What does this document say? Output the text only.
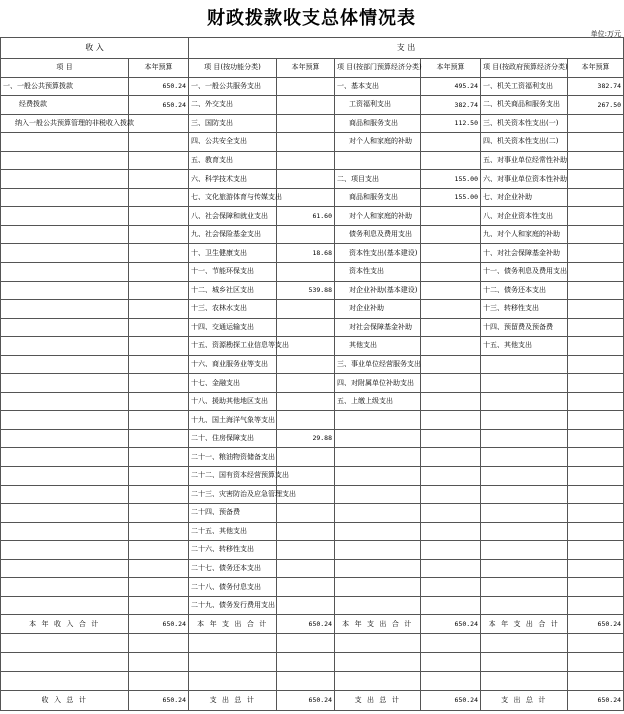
财政拨款收支总体情况表
单位:万元
收 入		支 出					
项 目	本年预算	项 目(按功能分类)	本年预算	项 目(按部门预算经济分类)	本年预算	项 目(按政府预算经济分类)	本年预算
一、一般公共预算拨款	650.24	一、一般公共服务支出		一、基本支出	495.24	一、机关工资福利支出	382.74
经费拨款	650.24	二、外交支出		工资福利支出	382.74	二、机关商品和服务支出	267.50
纳入一般公共预算管理的非税收入拨款		三、国防支出		商品和服务支出	112.50	三、机关资本性支出(一)	
		四、公共安全支出		对个人和家庭的补助		四、机关资本性支出(二)	
		五、教育支出				五、对事业单位经常性补助	
		六、科学技术支出		二、项目支出	155.00	六、对事业单位资本性补助	
		七、文化旅游体育与传媒支出		商品和服务支出	155.00	七、对企业补助	
		八、社会保障和就业支出	61.60	对个人和家庭的补助		八、对企业资本性支出	
		九、社会保险基金支出		债务利息及费用支出		九、对个人和家庭的补助	
		十、卫生健康支出	18.68	资本性支出(基本建设)		十、对社会保障基金补助	
		十一、节能环保支出		资本性支出		十一、债务利息及费用支出	
		十二、城乡社区支出	539.88	对企业补助(基本建设)		十二、债务还本支出	
		十三、农林水支出		对企业补助		十三、转移性支出	
		十四、交通运输支出		对社会保障基金补助		十四、预留费及预备费	
		十五、资源勘探工业信息等支出		其他支出		十五、其他支出	
		十六、商业服务业等支出		三、事业单位经营服务支出			
		十七、金融支出		四、对附属单位补助支出			
		十八、援助其他地区支出		五、上缴上级支出			
		十九、国土海洋气象等支出					
		二十、住房保障支出	29.88				
		二十一、粮油物资储备支出					
		二十二、国有资本经营预算支出					
		二十三、灾害防治及应急管理支出					
		二十四、预备费					
		二十五、其他支出					
		二十六、转移性支出					
		二十七、债务还本支出					
		二十八、债务付息支出					
		二十九、债务发行费用支出					
本 年 收 入 合 计	650.24	本 年 支 出 合 计	650.24	本 年 支 出 合 计	650.24	本 年 支 出 合 计	650.24

收 入 总 计	650.24	支 出 总 计	650.24	支 出 总 计	650.24	支 出 总 计	650.24
